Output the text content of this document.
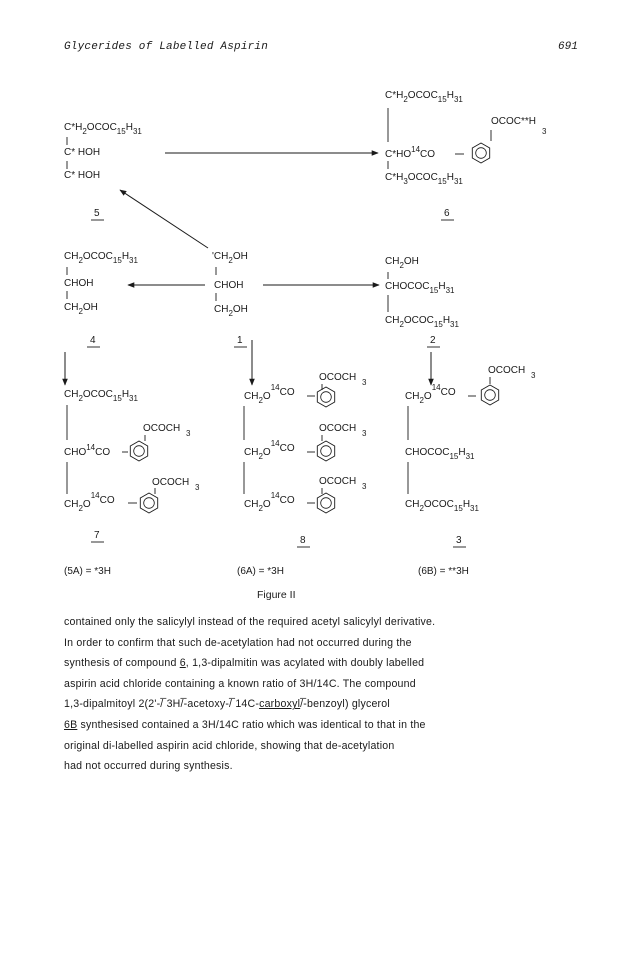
Glycerides of Labelled Aspirin	691
$C*H_2OCOC_{15}H_{31}$
C* HOH
C* HOH
5
$C*H_2OCOC_{15}H_{31}$
OCOC**H
3
C*HO$^{14}$CO
$C*H_3OCOC_{15}H_{31}$
6
$CH_2OCOC_{15}H_{31}$
CHOH
$CH_2OH$
4
'$CH_2OH$
CHOH
$CH_2OH$
1
$CH_2OH$
$CHOCOC_{15}H_{31}$
$CH_2OCOC_{15}H_{31}$
2
$CH_2OCOC_{15}H_{31}$
OCOCH 3
CHO$^{14}$CO
OCOCH 3
$CH_2O^{14}CO$
7
(5A) = *3H
OCOCH 3
$CH_2O^{14}CO$
OCOCH 3
$CH_2O^{14}CO$
OCOCH 3
$CH_2O^{14}CO$
8
(6A) = *3H
OCOCH 3
$CH_2O^{14}CO$
$CHOCOC_{15}H_{31}$
$CH_2OCOC_{15}H_{31}$
3
(6B) = **3H
Figure II

contained only the salicylyl instead of the required acetyl salicylyl derivative.

In order to confirm that such de-acetylation had not occurred during the

synthesis of compound 6, 1,3-dipalmitin was acylated with doubly labelled

aspirin acid chloride containing a known ratio of 3H/14C. The compound

1,3-dipalmitoyl 2(2'-/̅ 3H/̅-acetoxy-/̅ 14C-carboxyl/̅-benzoyl) glycerol

6B synthesised contained a 3H/14C ratio which was identical to that in the

original di-labelled aspirin acid chloride, showing that de-acetylation

had not occurred during synthesis.
